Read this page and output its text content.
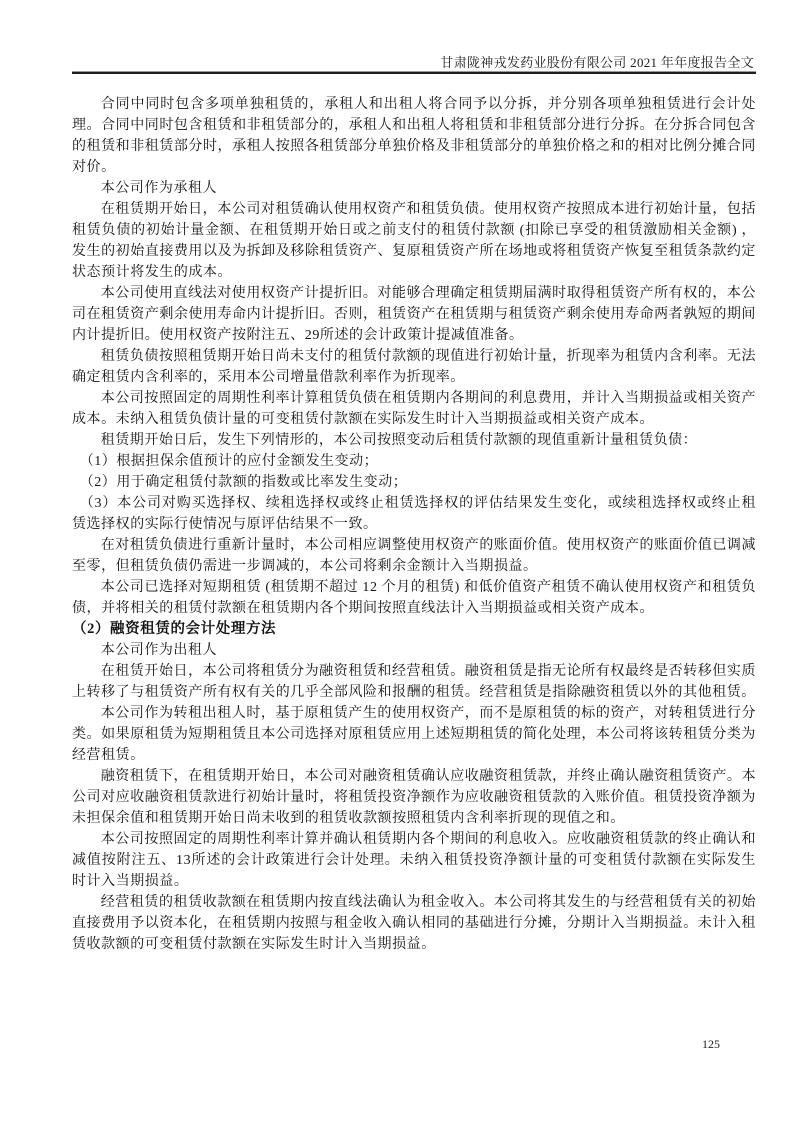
甘肃陇神戎发药业股份有限公司 2021 年年度报告全文

合同中同时包含多项单独租赁的，承租人和出租人将合同予以分拆，并分别各项单独租赁进行会计处理。合同中同时包含租赁和非租赁部分的，承租人和出租人将租赁和非租赁部分进行分拆。在分拆合同包含的租赁和非租赁部分时，承租人按照各租赁部分单独价格及非租赁部分的单独价格之和的相对比例分摊合同对价。

本公司作为承租人

在租赁期开始日，本公司对租赁确认使用权资产和租赁负债。使用权资产按照成本进行初始计量，包括租赁负债的初始计量金额、在租赁期开始日或之前支付的租赁付款额 (扣除已享受的租赁激励相关金额) ，发生的初始直接费用以及为拆卸及移除租赁资产、复原租赁资产所在场地或将租赁资产恢复至租赁条款约定状态预计将发生的成本。

本公司使用直线法对使用权资产计提折旧。对能够合理确定租赁期届满时取得租赁资产所有权的，本公司在租赁资产剩余使用寿命内计提折旧。否则，租赁资产在租赁期与租赁资产剩余使用寿命两者孰短的期间内计提折旧。使用权资产按附注五、29所述的会计政策计提减值准备。

租赁负债按照租赁期开始日尚未支付的租赁付款额的现值进行初始计量，折现率为租赁内含利率。无法确定租赁内含利率的，采用本公司增量借款利率作为折现率。

本公司按照固定的周期性利率计算租赁负债在租赁期内各期间的利息费用，并计入当期损益或相关资产成本。未纳入租赁负债计量的可变租赁付款额在实际发生时计入当期损益或相关资产成本。

租赁期开始日后，发生下列情形的，本公司按照变动后租赁付款额的现值重新计量租赁负债：

（1）根据担保余值预计的应付金额发生变动；

（2）用于确定租赁付款额的指数或比率发生变动；

（3）本公司对购买选择权、续租选择权或终止租赁选择权的评估结果发生变化，或续租选择权或终止租赁选择权的实际行使情况与原评估结果不一致。

在对租赁负债进行重新计量时，本公司相应调整使用权资产的账面价值。使用权资产的账面价值已调减至零，但租赁负债仍需进一步调减的，本公司将剩余金额计入当期损益。

本公司已选择对短期租赁 (租赁期不超过 12 个月的租赁) 和低价值资产租赁不确认使用权资产和租赁负债，并将相关的租赁付款额在租赁期内各个期间按照直线法计入当期损益或相关资产成本。

（2）融资租赁的会计处理方法

本公司作为出租人

在租赁开始日，本公司将租赁分为融资租赁和经营租赁。融资租赁是指无论所有权最终是否转移但实质上转移了与租赁资产所有权有关的几乎全部风险和报酬的租赁。经营租赁是指除融资租赁以外的其他租赁。

本公司作为转租出租人时，基于原租赁产生的使用权资产，而不是原租赁的标的资产，对转租赁进行分类。如果原租赁为短期租赁且本公司选择对原租赁应用上述短期租赁的简化处理，本公司将该转租赁分类为经营租赁。

融资租赁下，在租赁期开始日，本公司对融资租赁确认应收融资租赁款，并终止确认融资租赁资产。本公司对应收融资租赁款进行初始计量时，将租赁投资净额作为应收融资租赁款的入账价值。租赁投资净额为未担保余值和租赁期开始日尚未收到的租赁收款额按照租赁内含利率折现的现值之和。

本公司按照固定的周期性利率计算并确认租赁期内各个期间的利息收入。应收融资租赁款的终止确认和减值按附注五、13所述的会计政策进行会计处理。未纳入租赁投资净额计量的可变租赁付款额在实际发生时计入当期损益。

经营租赁的租赁收款额在租赁期内按直线法确认为租金收入。本公司将其发生的与经营租赁有关的初始直接费用予以资本化，在租赁期内按照与租金收入确认相同的基础进行分摊，分期计入当期损益。未计入租赁收款额的可变租赁付款额在实际发生时计入当期损益。

125
